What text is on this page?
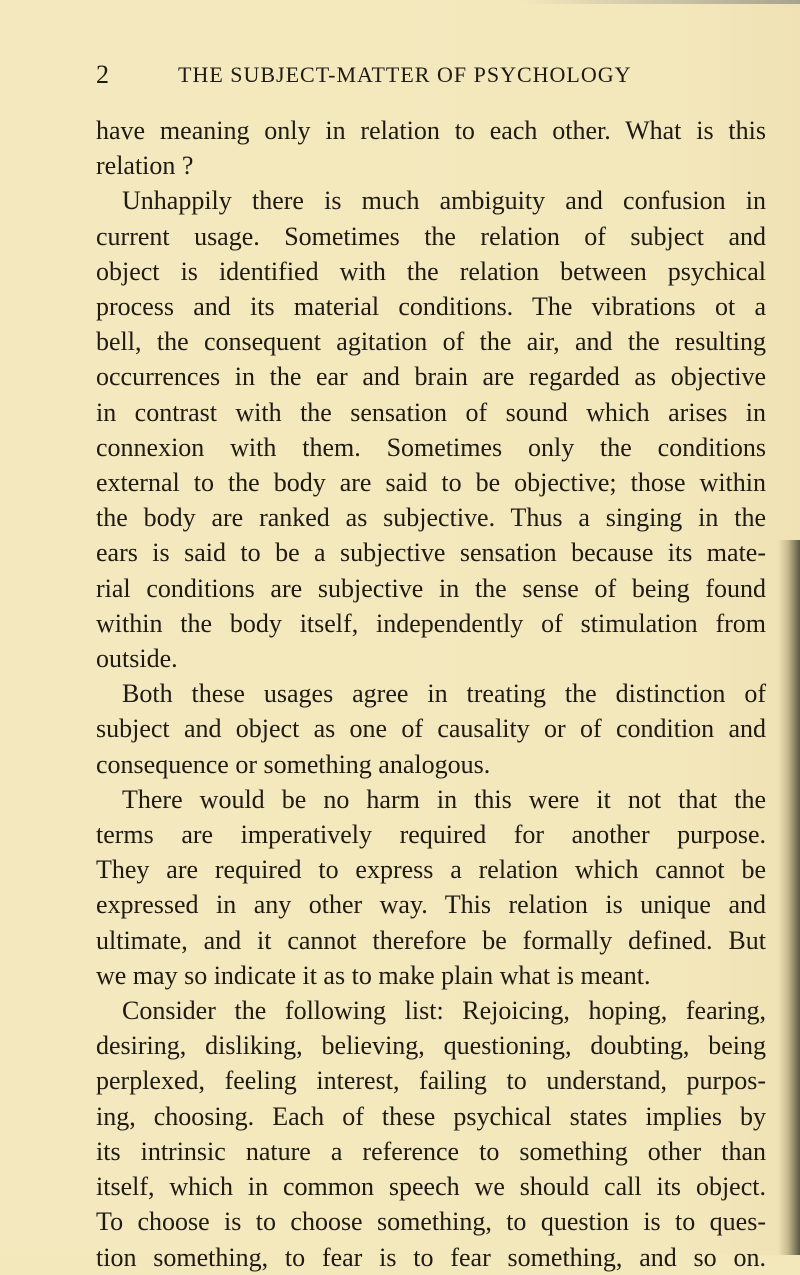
2	THE SUBJECT-MATTER OF PSYCHOLOGY
have meaning only in relation to each other. What is this
relation ?
Unhappily there is much ambiguity and confusion in
current usage. Sometimes the relation of subject and
object is identified with the relation between psychical
process and its material conditions. The vibrations ot a
bell, the consequent agitation of the air, and the resulting
occurrences in the ear and brain are regarded as objective
in contrast with the sensation of sound which arises in
connexion with them. Sometimes only the conditions
external to the body are said to be objective; those within
the body are ranked as subjective. Thus a singing in the
ears is said to be a subjective sensation because its mate-
rial conditions are subjective in the sense of being found
within the body itself, independently of stimulation from
outside.
Both these usages agree in treating the distinction of
subject and object as one of causality or of condition and
consequence or something analogous.
There would be no harm in this were it not that the
terms are imperatively required for another purpose.
They are required to express a relation which cannot be
expressed in any other way. This relation is unique and
ultimate, and it cannot therefore be formally defined. But
we may so indicate it as to make plain what is meant.
Consider the following list: Rejoicing, hoping, fearing,
desiring, disliking, believing, questioning, doubting, being
perplexed, feeling interest, failing to understand, purpos-
ing, choosing. Each of these psychical states implies by
its intrinsic nature a reference to something other than
itself, which in common speech we should call its object.
To choose is to choose something, to question is to ques-
tion something, to fear is to fear something, and so on.
